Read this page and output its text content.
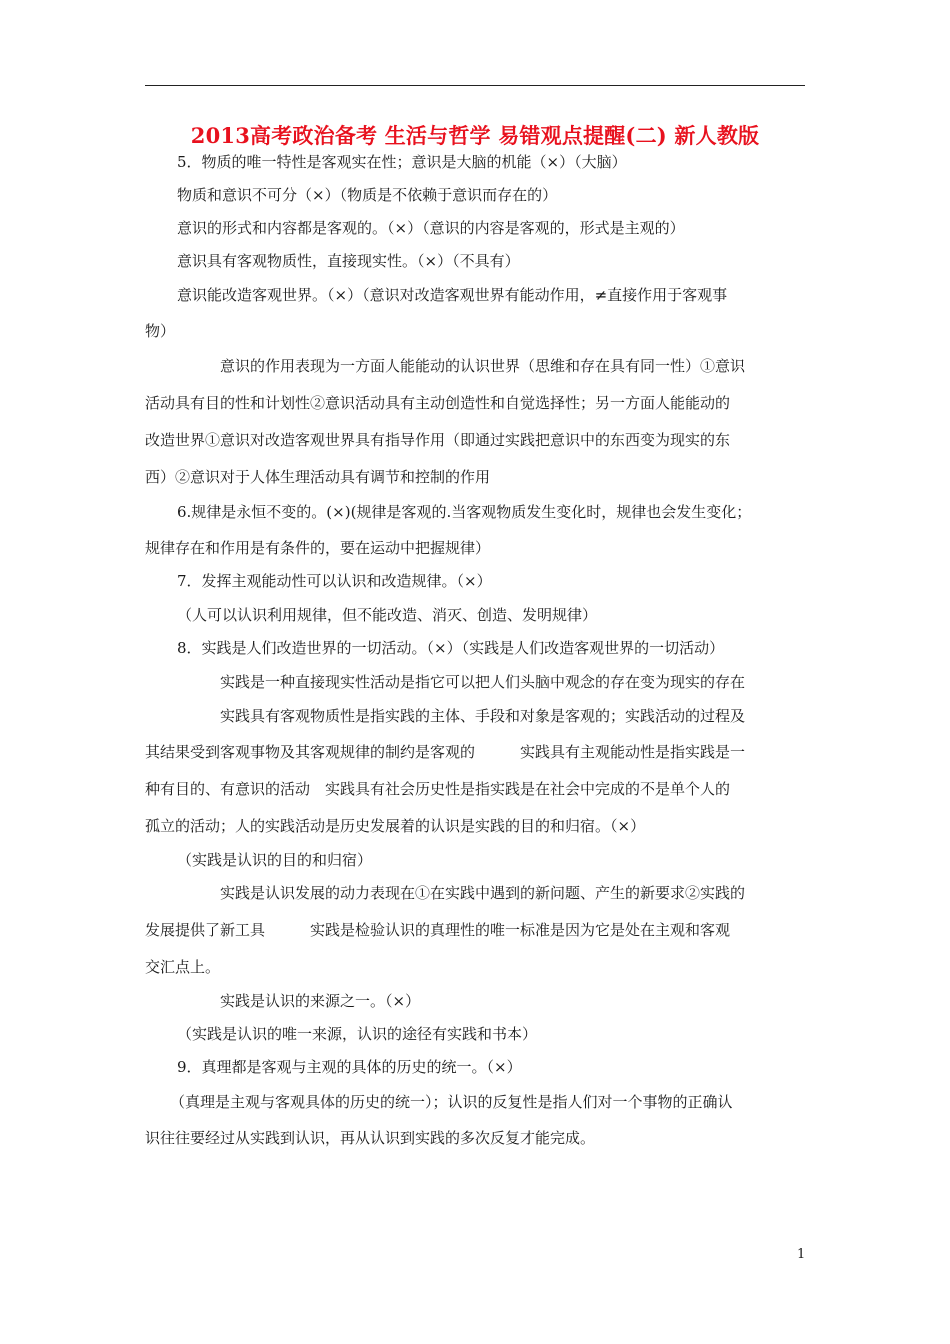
2013高考政治备考 生活与哲学 易错观点提醒(二) 新人教版
5．物质的唯一特性是客观实在性；意识是大脑的机能（×）（大脑）
物质和意识不可分（×）（物质是不依赖于意识而存在的）
意识的形式和内容都是客观的。（×）（意识的内容是客观的，形式是主观的）
意识具有客观物质性，直接现实性。（×）（不具有）
意识能改造客观世界。（×）（意识对改造客观世界有能动作用，≠直接作用于客观事
物）
意识的作用表现为一方面人能能动的认识世界（思维和存在具有同一性）①意识
活动具有目的性和计划性②意识活动具有主动创造性和自觉选择性；另一方面人能能动的
改造世界①意识对改造客观世界具有指导作用（即通过实践把意识中的东西变为现实的东
西）②意识对于人体生理活动具有调节和控制的作用
6.规律是永恒不变的。(×)(规律是客观的.当客观物质发生变化时，规律也会发生变化；
规律存在和作用是有条件的，要在运动中把握规律）
7．发挥主观能动性可以认识和改造规律。（×）
（人可以认识利用规律，但不能改造、消灭、创造、发明规律）
8．实践是人们改造世界的一切活动。（×）（实践是人们改造客观世界的一切活动）
实践是一种直接现实性活动是指它可以把人们头脑中观念的存在变为现实的存在
实践具有客观物质性是指实践的主体、手段和对象是客观的；实践活动的过程及
其结果受到客观事物及其客观规律的制约是客观的　　　实践具有主观能动性是指实践是一
种有目的、有意识的活动　实践具有社会历史性是指实践是在社会中完成的不是单个人的
孤立的活动；人的实践活动是历史发展着的认识是实践的目的和归宿。（×）
（实践是认识的目的和归宿）
实践是认识发展的动力表现在①在实践中遇到的新问题、产生的新要求②实践的
发展提供了新工具　　　实践是检验认识的真理性的唯一标准是因为它是处在主观和客观
交汇点上。
实践是认识的来源之一。（×）
（实践是认识的唯一来源，认识的途径有实践和书本）
9．真理都是客观与主观的具体的历史的统一。（×）
（真理是主观与客观具体的历史的统一）；认识的反复性是指人们对一个事物的正确认
识往往要经过从实践到认识，再从认识到实践的多次反复才能完成。
1
